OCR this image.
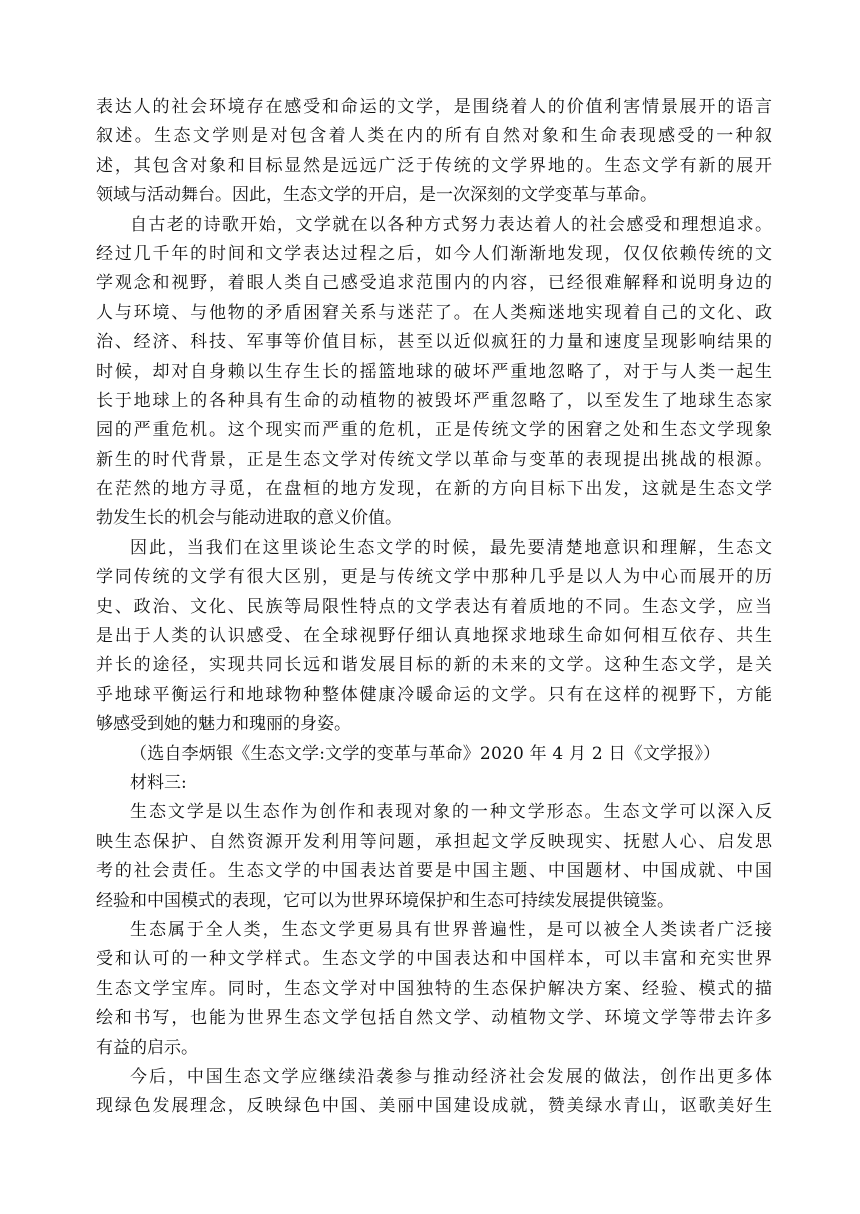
表达人的社会环境存在感受和命运的文学，是围绕着人的价值利害情景展开的语言
叙述。生态文学则是对包含着人类在内的所有自然对象和生命表现感受的一种叙
述，其包含对象和目标显然是远远广泛于传统的文学界地的。生态文学有新的展开
领域与活动舞台。因此，生态文学的开启，是一次深刻的文学变革与革命。
自古老的诗歌开始，文学就在以各种方式努力表达着人的社会感受和理想追求。
经过几千年的时间和文学表达过程之后，如今人们渐渐地发现，仅仅依赖传统的文
学观念和视野，着眼人类自己感受追求范围内的内容，已经很难解释和说明身边的
人与环境、与他物的矛盾困窘关系与迷茫了。在人类痴迷地实现着自己的文化、政
治、经济、科技、军事等价值目标，甚至以近似疯狂的力量和速度呈现影响结果的
时候，却对自身赖以生存生长的摇篮地球的破坏严重地忽略了，对于与人类一起生
长于地球上的各种具有生命的动植物的被毁坏严重忽略了，以至发生了地球生态家
园的严重危机。这个现实而严重的危机，正是传统文学的困窘之处和生态文学现象
新生的时代背景，正是生态文学对传统文学以革命与变革的表现提出挑战的根源。
在茫然的地方寻觅，在盘桓的地方发现，在新的方向目标下出发，这就是生态文学
勃发生长的机会与能动进取的意义价值。
因此，当我们在这里谈论生态文学的时候，最先要清楚地意识和理解，生态文
学同传统的文学有很大区别，更是与传统文学中那种几乎是以人为中心而展开的历
史、政治、文化、民族等局限性特点的文学表达有着质地的不同。生态文学，应当
是出于人类的认识感受、在全球视野仔细认真地探求地球生命如何相互依存、共生
并长的途径，实现共同长远和谐发展目标的新的未来的文学。这种生态文学，是关
乎地球平衡运行和地球物种整体健康冷暖命运的文学。只有在这样的视野下，方能
够感受到她的魅力和瑰丽的身姿。
（选自李炳银《生态文学:文学的变革与革命》2020 年 4 月 2 日《文学报》）
材料三:
生态文学是以生态作为创作和表现对象的一种文学形态。生态文学可以深入反
映生态保护、自然资源开发利用等问题，承担起文学反映现实、抚慰人心、启发思
考的社会责任。生态文学的中国表达首要是中国主题、中国题材、中国成就、中国
经验和中国模式的表现，它可以为世界环境保护和生态可持续发展提供镜鉴。
生态属于全人类，生态文学更易具有世界普遍性，是可以被全人类读者广泛接
受和认可的一种文学样式。生态文学的中国表达和中国样本，可以丰富和充实世界
生态文学宝库。同时，生态文学对中国独特的生态保护解决方案、经验、模式的描
绘和书写，也能为世界生态文学包括自然文学、动植物文学、环境文学等带去许多
有益的启示。
今后，中国生态文学应继续沿袭参与推动经济社会发展的做法，创作出更多体
现绿色发展理念，反映绿色中国、美丽中国建设成就，赞美绿水青山，讴歌美好生
